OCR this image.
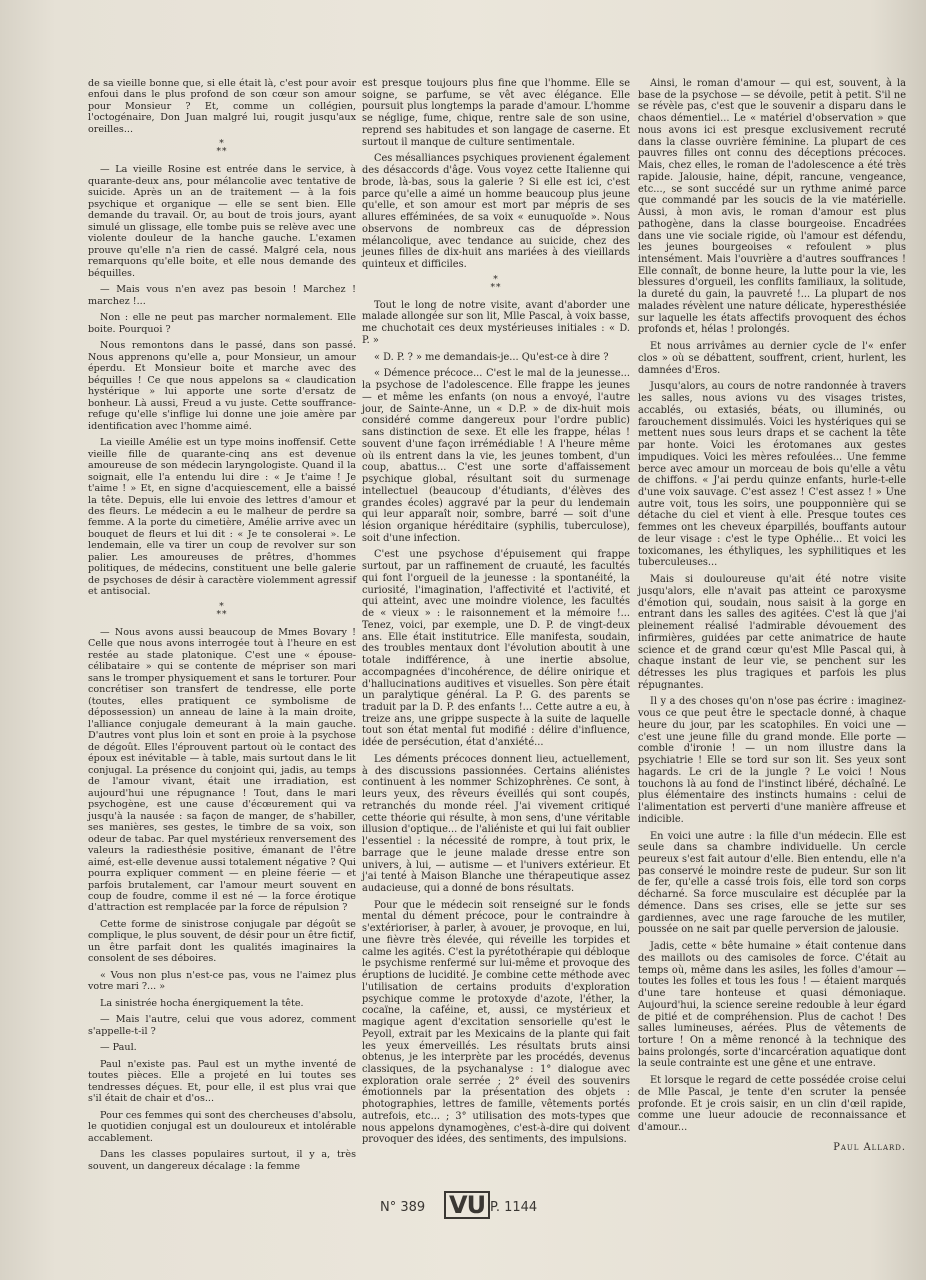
de sa vieille bonne que, si elle était là, c'est pour avoir enfoui dans le plus profond de son cœur son amour pour Monsieur ? Et, comme un collégien, l'octogénaire, Don Juan malgré lui, rougit jusqu'aux oreilles...

*
**

— La vieille Rosine est entrée dans le service, à quarante-deux ans, pour mélancolie avec tentative de suicide. Après un an de traitement — à la fois psychique et organique — elle se sent bien. Elle demande du travail. Or, au bout de trois jours, ayant simulé un glissage, elle tombe puis se relève avec une violente douleur de la hanche gauche. L'examen prouve qu'elle n'a rien de cassé. Malgré cela, nous remarquons qu'elle boite, et elle nous demande des béquilles.

— Mais vous n'en avez pas besoin ! Marchez ! marchez !...

Non : elle ne peut pas marcher normalement. Elle boite. Pourquoi ?

Nous remontons dans le passé, dans son passé. Nous apprenons qu'elle a, pour Monsieur, un amour éperdu. Et Monsieur boite et marche avec des béquilles ! Ce que nous appelons sa « claudication hystérique » lui apporte une sorte d'ersatz de bonheur. Là aussi, Freud a vu juste. Cette souffrance-refuge qu'elle s'inflige lui donne une joie amère par identification avec l'homme aimé.

La vieille Amélie est un type moins inoffensif. Cette vieille fille de quarante-cinq ans est devenue amoureuse de son médecin laryngologiste. Quand il la soignait, elle l'a entendu lui dire : « Je t'aime ! Je t'aime ! » Et, en signe d'acquiescement, elle a baissé la tête. Depuis, elle lui envoie des lettres d'amour et des fleurs. Le médecin a eu le malheur de perdre sa femme. A la porte du cimetière, Amélie arrive avec un bouquet de fleurs et lui dit : « Je te consolerai ». Le lendemain, elle va tirer un coup de revolver sur son palier. Les amoureuses de prêtres, d'hommes politiques, de médecins, constituent une belle galerie de psychoses de désir à caractère violemment agressif et antisocial.

*
**

— Nous avons aussi beaucoup de Mmes Bovary ! Celle que nous avons interrogée tout à l'heure en est restée au stade platonique. C'est une « épouse-célibataire » qui se contente de mépriser son mari sans le tromper physiquement et sans le torturer. Pour concrétiser son transfert de tendresse, elle porte (toutes, elles pratiquent ce symbolisme de dépossession) un anneau de laine à la main droite, l'alliance conjugale demeurant à la main gauche. D'autres vont plus loin et sont en proie à la psychose de dégoût. Elles l'éprouvent partout où le contact des époux est inévitable — à table, mais surtout dans le lit conjugal. La présence du conjoint qui, jadis, au temps de l'amour vivant, était une irradiation, est aujourd'hui une répugnance ! Tout, dans le mari psychogène, est une cause d'écœurement qui va jusqu'à la nausée : sa façon de manger, de s'habiller, ses manières, ses gestes, le timbre de sa voix, son odeur de tabac. Par quel mystérieux renversement des valeurs la radiesthésie positive, émanant de l'être aimé, est-elle devenue aussi totalement négative ? Qui pourra expliquer comment — en pleine féerie — et parfois brutalement, car l'amour meurt souvent en coup de foudre, comme il est né — la force érotique d'attraction est remplacée par la force de répulsion ?

Cette forme de sinistrose conjugale par dégoût se complique, le plus souvent, de désir pour un être fictif, un être parfait dont les qualités imaginaires la consolent de ses déboires.

« Vous non plus n'est-ce pas, vous ne l'aimez plus votre mari ?... »

La sinistrée hocha énergiquement la tête.

— Mais l'autre, celui que vous adorez, comment s'appelle-t-il ?

— Paul.

Paul n'existe pas. Paul est un mythe inventé de toutes pièces. Elle a projeté en lui toutes ses tendresses déçues. Et, pour elle, il est plus vrai que s'il était de chair et d'os...

Pour ces femmes qui sont des chercheuses d'absolu, le quotidien conjugal est un douloureux et intolérable accablement.

Dans les classes populaires surtout, il y a, très souvent, un dangereux décalage : la femme

est presque toujours plus fine que l'homme. Elle se soigne, se parfume, se vêt avec élégance. Elle poursuit plus longtemps la parade d'amour. L'homme se néglige, fume, chique, rentre sale de son usine, reprend ses habitudes et son langage de caserne. Et surtout il manque de culture sentimentale.

Ces mésalliances psychiques provienent également des désaccords d'âge. Vous voyez cette Italienne qui brode, là-bas, sous la galerie ? Si elle est ici, c'est parce qu'elle a aimé un homme beaucoup plus jeune qu'elle, et son amour est mort par mépris de ses allures efféminées, de sa voix « eunuquoïde ». Nous observons de nombreux cas de dépression mélancolique, avec tendance au suicide, chez des jeunes filles de dix-huit ans mariées à des vieillards quinteux et difficiles.

*
**

Tout le long de notre visite, avant d'aborder une malade allongée sur son lit, Mlle Pascal, à voix basse, me chuchotait ces deux mystérieuses initiales : « D. P. »

« D. P. ? » me demandais-je... Qu'est-ce à dire ?

« Démence précoce... C'est le mal de la jeunesse... la psychose de l'adolescence. Elle frappe les jeunes — et même les enfants (on nous a envoyé, l'autre jour, de Sainte-Anne, un « D.P. » de dix-huit mois considéré comme dangereux pour l'ordre public) sans distinction de sexe. Et elle les frappe, hélas ! souvent d'une façon irrémédiable ! A l'heure même où ils entrent dans la vie, les jeunes tombent, d'un coup, abattus... C'est une sorte d'affaissement psychique global, résultant soit du surmenage intellectuel (beaucoup d'étudiants, d'élèves des grandes écoles) aggravé par la peur du lendemain qui leur apparaît noir, sombre, barré — soit d'une lésion organique héréditaire (syphilis, tuberculose), soit d'une infection.

C'est une psychose d'épuisement qui frappe surtout, par un raffinement de cruauté, les facultés qui font l'orgueil de la jeunesse : la spontanéité, la curiosité, l'imagination, l'affectivité et l'activité, et qui atteint, avec une moindre violence, les facultés de « vieux » : le raisonnement et la mémoire !... Tenez, voici, par exemple, une D. P. de vingt-deux ans. Elle était institutrice. Elle manifesta, soudain, des troubles mentaux dont l'évolution aboutit à une totale indifférence, à une inertie absolue, accompagnées d'incohérence, de délire onirique et d'hallucinations auditives et visuelles. Son père était un paralytique général. La P. G. des parents se traduit par la D. P. des enfants !... Cette autre a eu, à treize ans, une grippe suspecte à la suite de laquelle tout son état mental fut modifié : délire d'influence, idée de persécution, état d'anxiété...

Les déments précoces donnent lieu, actuellement, à des discussions passionnées. Certains aliénistes continuent à les nommer Schizophrènes. Ce sont, à leurs yeux, des rêveurs éveillés qui sont coupés, retranchés du monde réel. J'ai vivement critiqué cette théorie qui résulte, à mon sens, d'une véritable illusion d'optique... de l'aliéniste et qui lui fait oublier l'essentiel : la nécessité de rompre, à tout prix, le barrage que le jeune malade dresse entre son univers, à lui, — autisme — et l'univers extérieur. Et j'ai tenté à Maison Blanche une thérapeutique assez audacieuse, qui a donné de bons résultats.

Pour que le médecin soit renseigné sur le fonds mental du dément précoce, pour le contraindre à s'extérioriser, à parler, à avouer, je provoque, en lui, une fièvre très élevée, qui réveille les torpides et calme les agités. C'est la pyrétothérapie qui débloque le psychisme renfermé sur lui-même et provoque des éruptions de lucidité. Je combine cette méthode avec l'utilisation de certains produits d'exploration psychique comme le protoxyde d'azote, l'éther, la cocaïne, la caféine, et, aussi, ce mystérieux et magique agent d'excitation sensorielle qu'est le Peyoll, extrait par les Mexicains de la plante qui fait les yeux émerveillés. Les résultats bruts ainsi obtenus, je les interprète par les procédés, devenus classiques, de la psychanalyse : 1° dialogue avec exploration orale serrée ; 2° éveil des souvenirs émotionnels par la présentation des objets : photographies, lettres de famille, vêtements portés autrefois, etc... ; 3° utilisation des mots-types que nous appelons dynamogènes, c'est-à-dire qui doivent provoquer des idées, des sentiments, des impulsions.

Ainsi, le roman d'amour — qui est, souvent, à la base de la psychose — se dévoile, petit à petit. S'il ne se révèle pas, c'est que le souvenir a disparu dans le chaos démentiel... Le « matériel d'observation » que nous avons ici est presque exclusivement recruté dans la classe ouvrière féminine. La plupart de ces pauvres filles ont connu des déceptions précoces. Mais, chez elles, le roman de l'adolescence a été très rapide. Jalousie, haine, dépit, rancune, vengeance, etc..., se sont succédé sur un rythme animé parce que commandé par les soucis de la vie matérielle. Aussi, à mon avis, le roman d'amour est plus pathogène, dans la classe bourgeoise. Encadrées dans une vie sociale rigide, où l'amour est défendu, les jeunes bourgeoises « refoulent » plus intensément. Mais l'ouvrière a d'autres souffrances ! Elle connaît, de bonne heure, la lutte pour la vie, les blessures d'orgueil, les conflits familiaux, la solitude, la dureté du gain, la pauvreté !... La plupart de nos malades révèlent une nature délicate, hyperesthésiée sur laquelle les états affectifs provoquent des échos profonds et, hélas ! prolongés.

Et nous arrivâmes au dernier cycle de l'« enfer clos » où se débattent, souffrent, crient, hurlent, les damnées d'Eros.

Jusqu'alors, au cours de notre randonnée à travers les salles, nous avions vu des visages tristes, accablés, ou extasiés, béats, ou illuminés, ou farouchement dissimulés. Voici les hystériques qui se mettent nues sous leurs draps et se cachent la tête par honte. Voici les érotomanes aux gestes impudiques. Voici les mères refoulées... Une femme berce avec amour un morceau de bois qu'elle a vêtu de chiffons. « J'ai perdu quinze enfants, hurle-t-elle d'une voix sauvage. C'est assez ! C'est assez ! » Une autre voit, tous les soirs, une poupponnière qui se détache du ciel et vient à elle. Presque toutes ces femmes ont les cheveux éparpillés, bouffants autour de leur visage : c'est le type Ophélie... Et voici les toxicomanes, les éthyliques, les syphilitiques et les tuberculeuses...

Mais si douloureuse qu'ait été notre visite jusqu'alors, elle n'avait pas atteint ce paroxysme d'émotion qui, soudain, nous saisit à la gorge en entrant dans les salles des agitées. C'est là que j'ai pleinement réalisé l'admirable dévouement des infirmières, guidées par cette animatrice de haute science et de grand cœur qu'est Mlle Pascal qui, à chaque instant de leur vie, se penchent sur les détresses les plus tragiques et parfois les plus répugnantes.

Il y a des choses qu'on n'ose pas écrire : imaginez-vous ce que peut être le spectacle donné, à chaque heure du jour, par les scatophiles. En voici une — c'est une jeune fille du grand monde. Elle porte — comble d'ironie ! — un nom illustre dans la psychiatrie ! Elle se tord sur son lit. Ses yeux sont hagards. Le cri de la jungle ? Le voici ! Nous touchons là au fond de l'instinct libéré, déchaîné. Le plus élémentaire des instincts humains : celui de l'alimentation est perverti d'une manière affreuse et indicible.

En voici une autre : la fille d'un médecin. Elle est seule dans sa chambre individuelle. Un cercle peureux s'est fait autour d'elle. Bien entendu, elle n'a pas conservé le moindre reste de pudeur. Sur son lit de fer, qu'elle a cassé trois fois, elle tord son corps décharné. Sa force musculaire est décuplée par la démence. Dans ses crises, elle se jette sur ses gardiennes, avec une rage farouche de les mutiler, poussée on ne sait par quelle perversion de jalousie.

Jadis, cette « bête humaine » était contenue dans des maillots ou des camisoles de force. C'était au temps où, même dans les asiles, les folles d'amour — toutes les folles et tous les fous ! — étaient marqués d'une tare honteuse et quasi démoniaque. Aujourd'hui, la science sereine redouble à leur égard de pitié et de compréhension. Plus de cachot ! Des salles lumineuses, aérées. Plus de vêtements de torture ! On a même renoncé à la technique des bains prolongés, sorte d'incarcération aquatique dont la seule contrainte est une gêne et une entrave.

Et lorsque le regard de cette possédée croise celui de Mlle Pascal, je tente d'en scruter la pensée profonde. Et je crois saisir, en un clin d'œil rapide, comme une lueur adoucie de reconnaissance et d'amour...

Paul Allard.
N° 389 VU P. 1144
